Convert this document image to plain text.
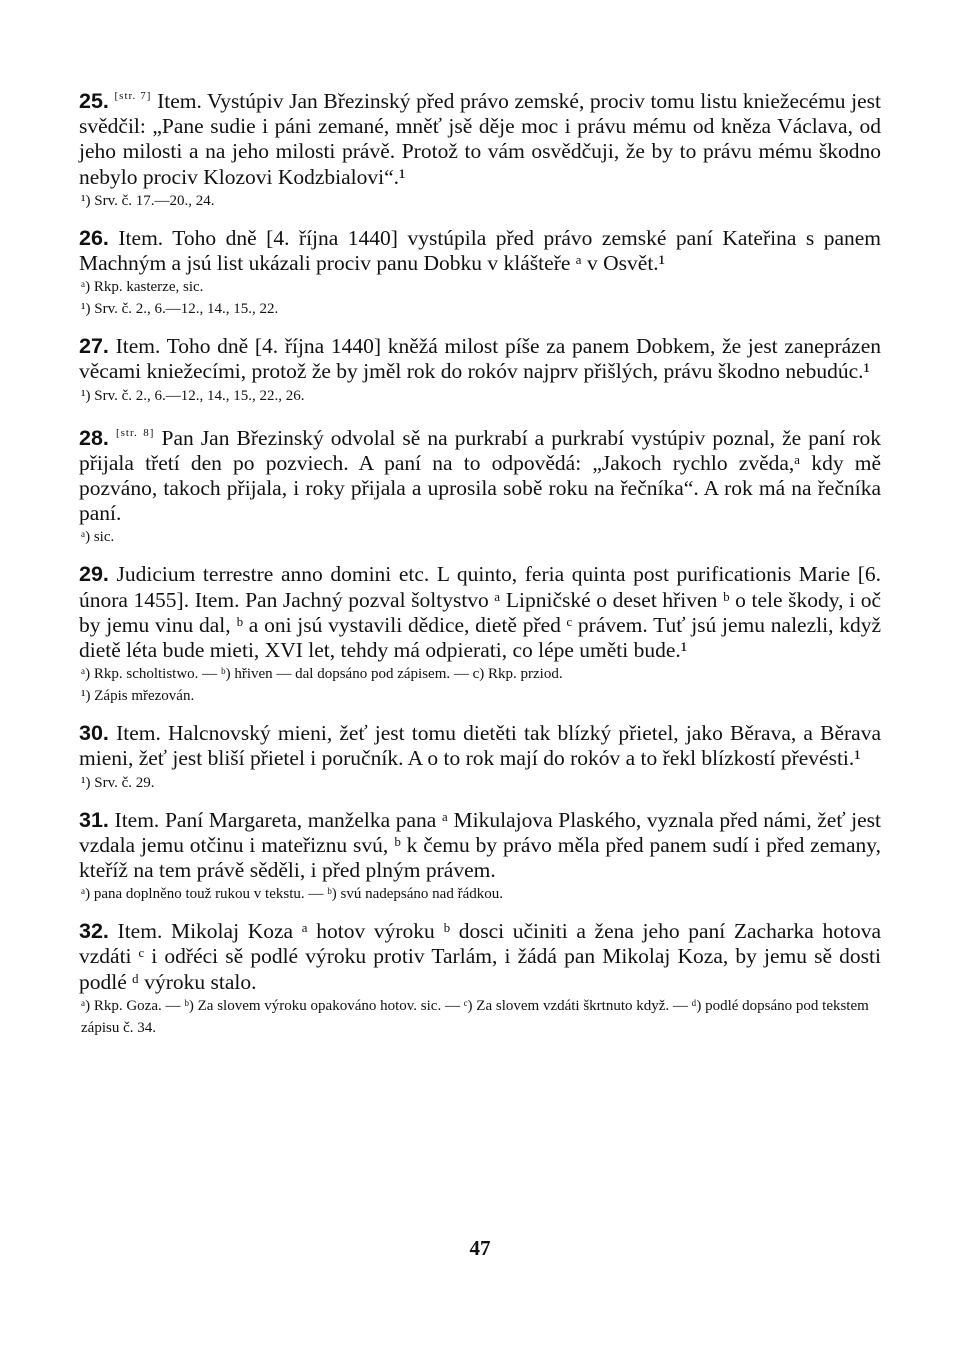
25. [str. 7] Item. Vystúpiv Jan Březinský před právo zemské, prociv tomu listu kniežecému jest svědčil: „Pane sudie i páni zemané, mněť jsě děje moc i právu mému od kněza Václava, od jeho milosti a na jeho milosti právě. Protož to vám osvědčuji, že by to právu mému škodno nebylo prociv Klozovi Kodzbialovi“.¹

¹) Srv. č. 17.—20., 24.

26. Item. Toho dně [4. října 1440] vystúpila před právo zemské paní Kateřina s panem Machným a jsú list ukázali prociv panu Dobku v klášteře ᵃ v Osvět.¹

ᵃ) Rkp. kasterze, sic.

¹) Srv. č. 2., 6.—12., 14., 15., 22.

27. Item. Toho dně [4. října 1440] kněžá milost píše za panem Dobkem, že jest zaneprázen věcami kniežecími, protož že by jměl rok do rokóv najprv přišlých, právu škodno nebudúc.¹

¹) Srv. č. 2., 6.—12., 14., 15., 22., 26.

28. [str. 8] Pan Jan Březinský odvolal sě na purkrabí a purkrabí vystúpiv poznal, že paní rok přijala třetí den po pozviech. A paní na to odpovědá: „Jakoch rychlo zvěda,ᵃ kdy mě pozváno, takoch přijala, i roky přijala a uprosila sobě roku na řečníka“. A rok má na řečníka paní.

ᵃ) sic.

29. Judicium terrestre anno domini etc. L quinto, feria quinta post purificationis Marie [6. února 1455]. Item. Pan Jachný pozval šoltystvo ᵃ Lipničské o deset hřiven ᵇ o tele škody, i oč by jemu vinu dal, ᵇ a oni jsú vystavili dědice, dietě před ᶜ právem. Tuť jsú jemu nalezli, když dietě léta bude mieti, XVI let, tehdy má odpierati, co lépe uměti bude.¹

ᵃ) Rkp. scholtistwo. — ᵇ) hřiven — dal dopsáno pod zápisem. — c) Rkp. prziod.

¹) Zápis mřezován.

30. Item. Halcnovský mieni, žeť jest tomu dietěti tak blízký přietel, jako Běrava, a Běrava mieni, žeť jest bliší přietel i poručník. A o to rok mají do rokóv a to řekl blízkostí převésti.¹

¹) Srv. č. 29.

31. Item. Paní Margareta, manželka pana ᵃ Mikulajova Plaského, vyznala před námi, žeť jest vzdala jemu otčinu i mateřiznu svú, ᵇ k čemu by právo měla před panem sudí i před zemany, kteříž na tem právě sěděli, i před plným právem.

ᵃ) pana doplněno touž rukou v tekstu. — ᵇ) svú nadepsáno nad řádkou.

32. Item. Mikolaj Koza ᵃ hotov výroku ᵇ dosci učiniti a žena jeho paní Zacharka hotova vzdáti ᶜ i odřéci sě podlé výroku protiv Tarlám, i žádá pan Mikolaj Koza, by jemu sě dosti podlé ᵈ výroku stalo.

ᵃ) Rkp. Goza. — ᵇ) Za slovem výroku opakováno hotov. sic. — ᶜ) Za slovem vzdáti škrtnuto když. — ᵈ) podlé dopsáno pod tekstem zápisu č. 34.

47
